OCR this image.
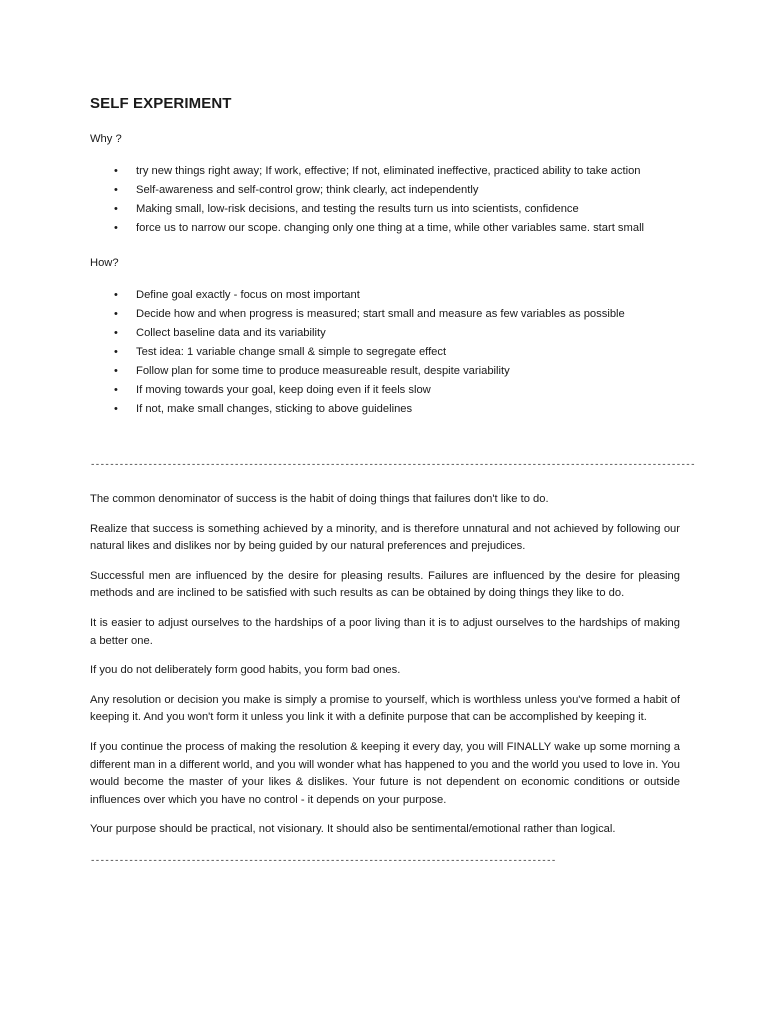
SELF EXPERIMENT
Why ?
• try new things right away; If work, effective; If not, eliminated ineffective, practiced ability to take action
• Self-awareness and self-control grow; think clearly, act independently
• Making small, low-risk decisions, and testing the results turn us into scientists, confidence
• force us to narrow our scope. changing only one thing at a time, while other variables same. start small
How?
• Define goal exactly - focus on most important
• Decide how and when progress is measured; start small and measure as few variables as possible
• Collect baseline data and its variability
• Test idea: 1 variable change small & simple to segregate effect
• Follow plan for some time to produce measureable result, despite variability
• If moving towards your goal, keep doing even if it feels slow
• If not, make small changes, sticking to above guidelines
------------------------------------------------------------------------------------------------------------------------------

The common denominator of success is the habit of doing things that failures don't like to do.

Realize that success is something achieved by a minority, and is therefore unnatural and not achieved by following our natural likes and dislikes nor by being guided by our natural preferences and prejudices.

Successful men are influenced by the desire for pleasing results. Failures are influenced by the desire for pleasing methods and are inclined to be satisfied with such results as can be obtained by doing things they like to do.

It is easier to adjust ourselves to the hardships of a poor living than it is to adjust ourselves to the hardships of making a better one.

If you do not deliberately form good habits, you form bad ones.

Any resolution or decision you make is simply a promise to yourself, which is worthless unless you've formed a habit of keeping it. And you won't form it unless you link it with a definite purpose that can be accomplished by keeping it.

If you continue the process of making the resolution & keeping it every day, you will FINALLY wake up some morning a different man in a different world, and you will wonder what has happened to you and the world you used to love in. You would become the master of your likes & dislikes. Your future is not dependent on economic conditions or outside influences over which you have no control - it depends on your purpose.

Your purpose should be practical, not visionary. It should also be sentimental/emotional rather than logical.

-------------------------------------------------------------------------------------------------
